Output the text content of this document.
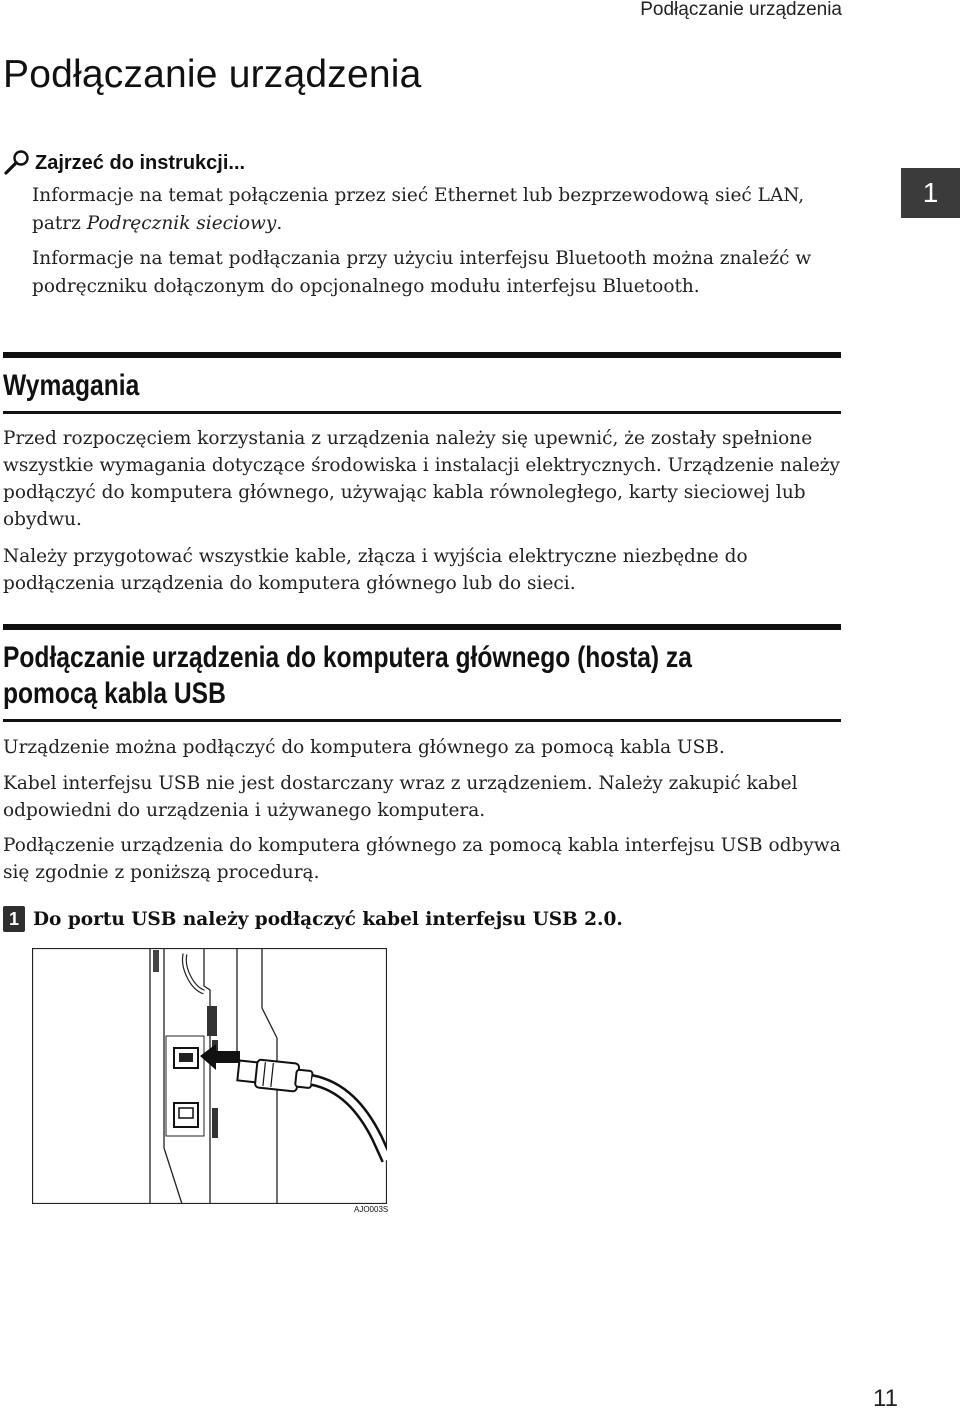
Podłączanie urządzenia
Podłączanie urządzenia
1
Zajrzeć do instrukcji...

Informacje na temat połączenia przez sieć Ethernet lub bezprzewodową sieć LAN, patrz Podręcznik sieciowy.

Informacje na temat podłączania przy użyciu interfejsu Bluetooth można znaleźć w podręczniku dołączonym do opcjonalnego modułu interfejsu Bluetooth.

Wymagania

Przed rozpoczęciem korzystania z urządzenia należy się upewnić, że zostały spełnione wszystkie wymagania dotyczące środowiska i instalacji elektrycznych. Urządzenie należy podłączyć do komputera głównego, używając kabla równoległego, karty sieciowej lub obydwu.

Należy przygotować wszystkie kable, złącza i wyjścia elektryczne niezbędne do podłączenia urządzenia do komputera głównego lub do sieci.

Podłączanie urządzenia do komputera głównego (hosta) za
pomocą kabla USB

Urządzenie można podłączyć do komputera głównego za pomocą kabla USB.

Kabel interfejsu USB nie jest dostarczany wraz z urządzeniem. Należy zakupić kabel odpowiedni do urządzenia i używanego komputera.

Podłączenie urządzenia do komputera głównego za pomocą kabla interfejsu USB odbywa się zgodnie z poniższą procedurą.

1 Do portu USB należy podłączyć kabel interfejsu USB 2.0.
AJO003S
11
